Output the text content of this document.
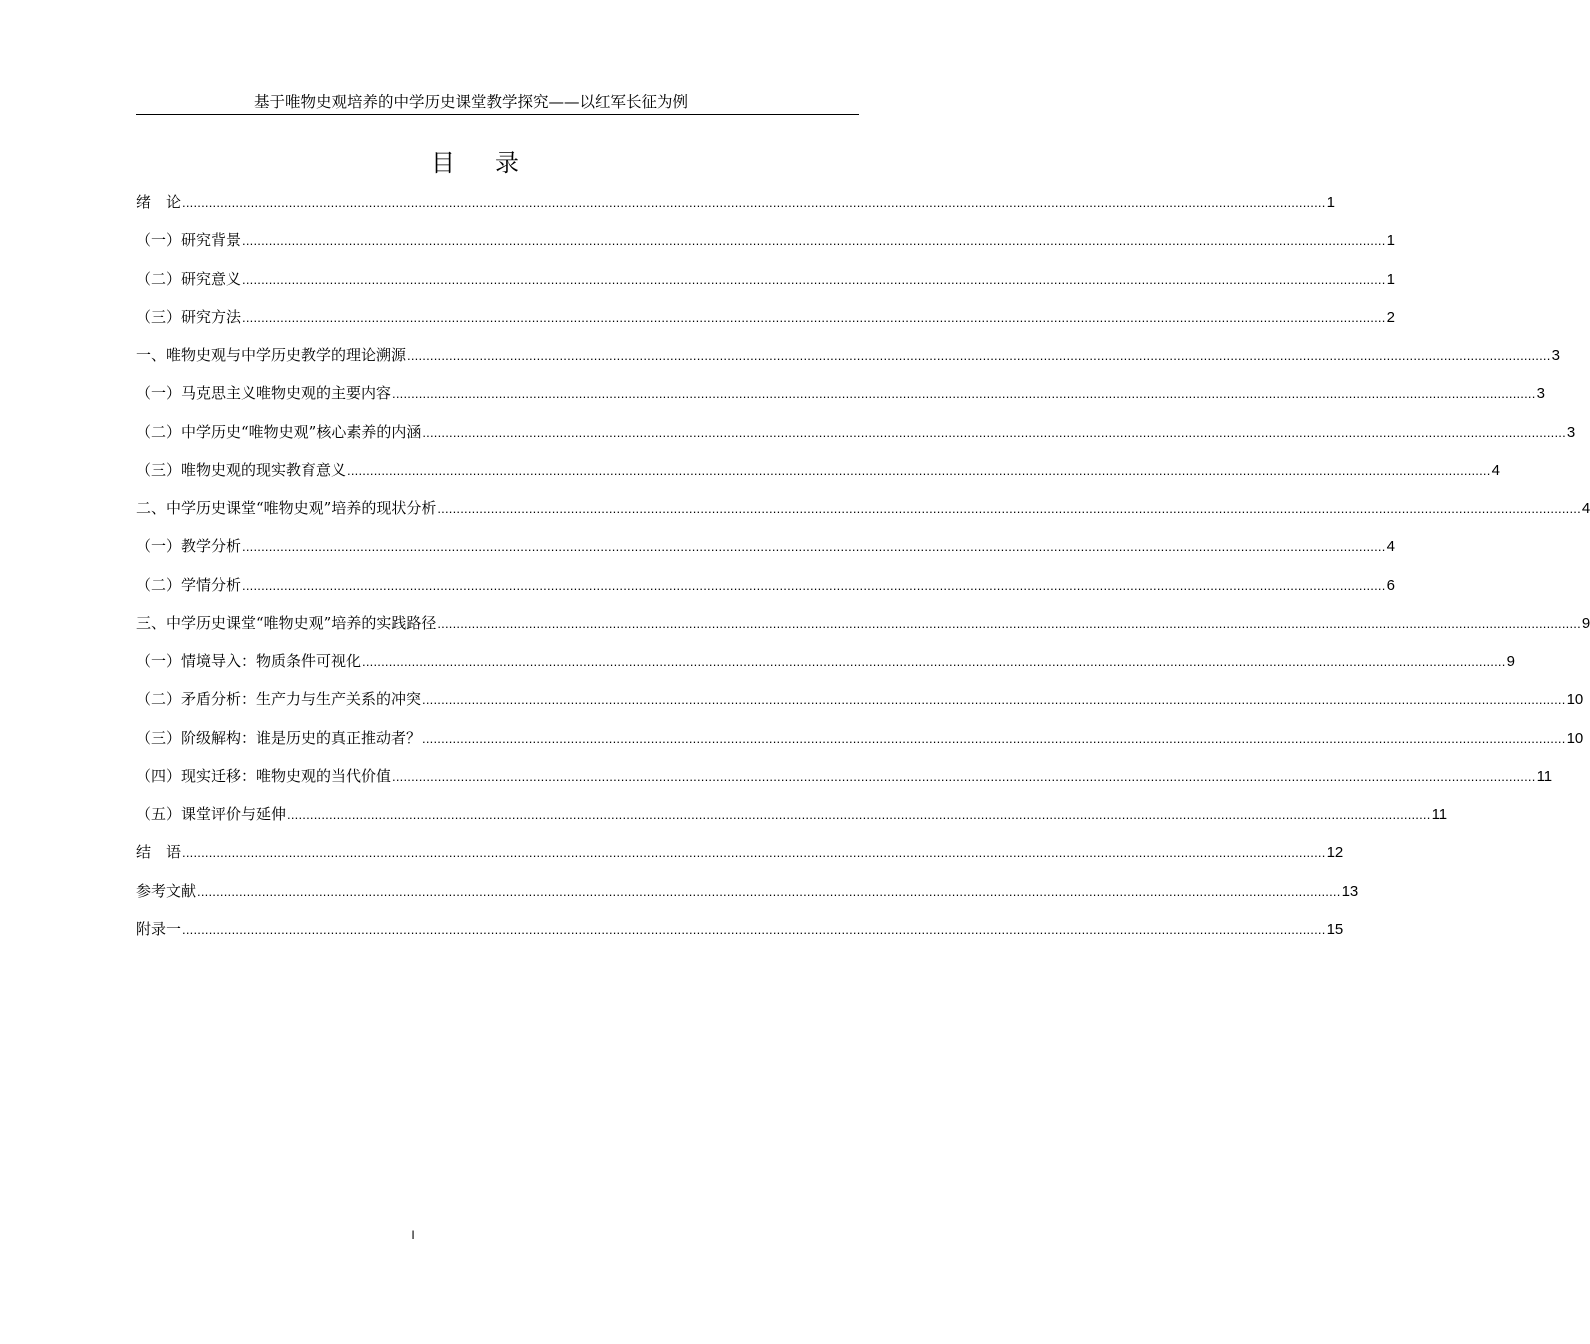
基于唯物史观培养的中学历史课堂教学探究——以红军长征为例
目录
绪　论 ............................................................................................................................................................................................................................................................................................................ 1
（一）研究背景 ............................................................................................................................................................................................................................................................................................................ 1
（二）研究意义 ............................................................................................................................................................................................................................................................................................................ 1
（三）研究方法 ............................................................................................................................................................................................................................................................................................................ 2
一、唯物史观与中学历史教学的理论溯源 ............................................................................................................................................................................................................................................................................................................ 3
（一）马克思主义唯物史观的主要内容 ............................................................................................................................................................................................................................................................................................................ 3
（二）中学历史“唯物史观”核心素养的内涵 ............................................................................................................................................................................................................................................................................................................ 3
（三）唯物史观的现实教育意义 ............................................................................................................................................................................................................................................................................................................ 4
二、中学历史课堂“唯物史观”培养的现状分析 ............................................................................................................................................................................................................................................................................................................ 4
（一）教学分析 ............................................................................................................................................................................................................................................................................................................ 4
（二）学情分析 ............................................................................................................................................................................................................................................................................................................ 6
三、中学历史课堂“唯物史观”培养的实践路径 ............................................................................................................................................................................................................................................................................................................ 9
（一）情境导入：物质条件可视化 ............................................................................................................................................................................................................................................................................................................ 9
（二）矛盾分析：生产力与生产关系的冲突 ............................................................................................................................................................................................................................................................................................................ 10
（三）阶级解构：谁是历史的真正推动者？ ............................................................................................................................................................................................................................................................................................................ 10
（四）现实迁移：唯物史观的当代价值 ............................................................................................................................................................................................................................................................................................................ 11
（五）课堂评价与延伸 ............................................................................................................................................................................................................................................................................................................ 11
结　语 ............................................................................................................................................................................................................................................................................................................ 12
参考文献 ............................................................................................................................................................................................................................................................................................................ 13
附录一 ............................................................................................................................................................................................................................................................................................................ 15
I
